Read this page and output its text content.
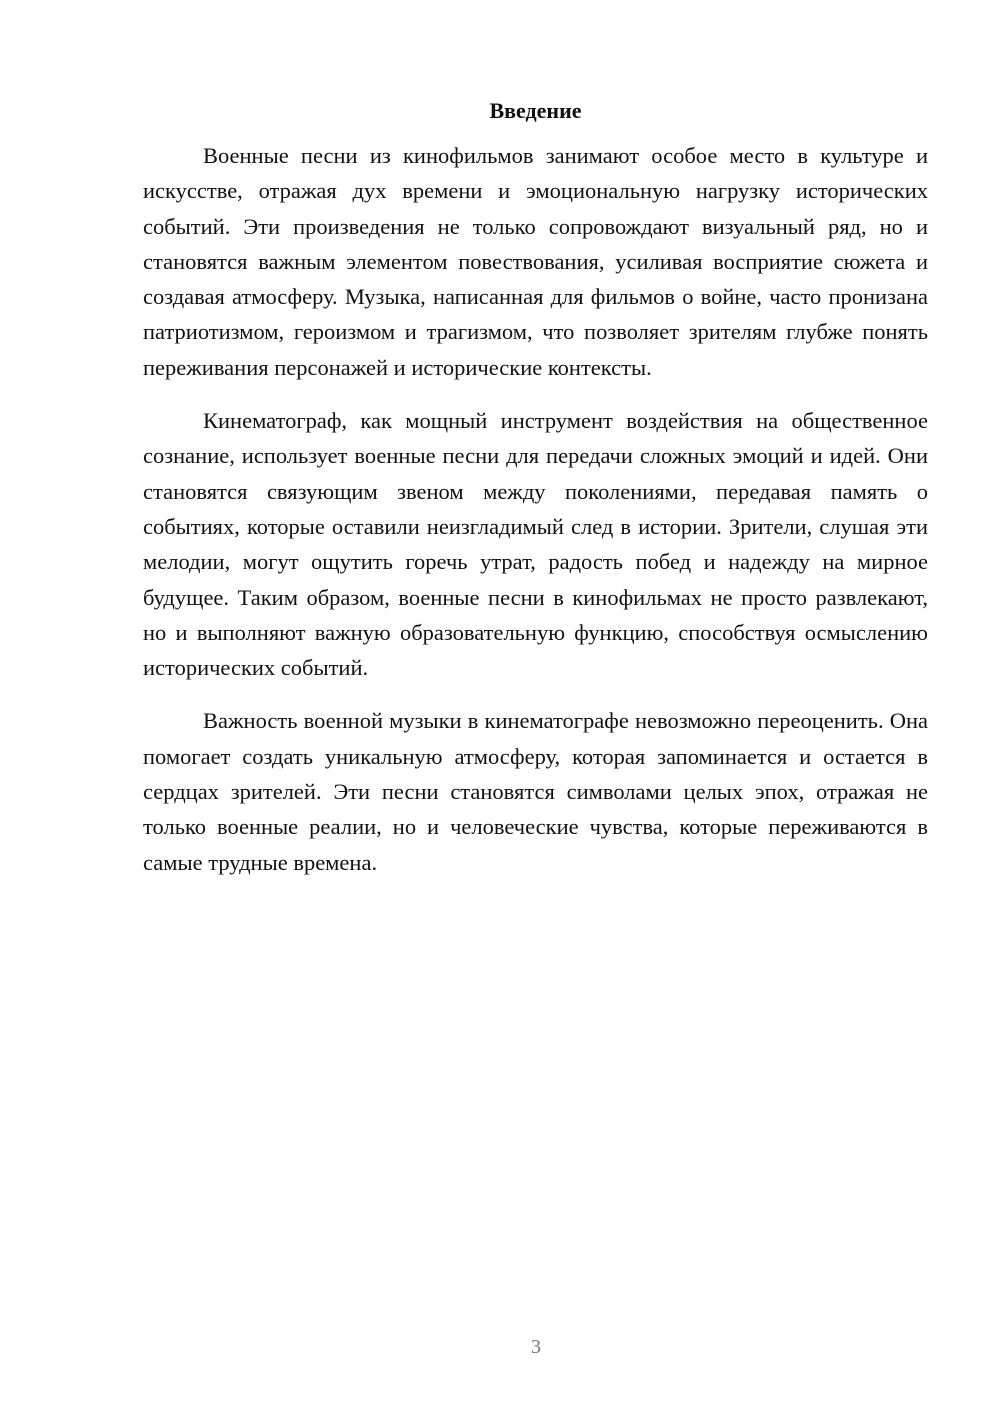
Введение

Военные песни из кинофильмов занимают особое место в культуре и искусстве, отражая дух времени и эмоциональную нагрузку исторических событий. Эти произведения не только сопровождают визуальный ряд, но и становятся важным элементом повествования, усиливая восприятие сюжета и создавая атмосферу. Музыка, написанная для фильмов о войне, часто пронизана патриотизмом, героизмом и трагизмом, что позволяет зрителям глубже понять переживания персонажей и исторические контексты.

Кинематограф, как мощный инструмент воздействия на общественное сознание, использует военные песни для передачи сложных эмоций и идей. Они становятся связующим звеном между поколениями, передавая память о событиях, которые оставили неизгладимый след в истории. Зрители, слушая эти мелодии, могут ощутить горечь утрат, радость побед и надежду на мирное будущее. Таким образом, военные песни в кинофильмах не просто развлекают, но и выполняют важную образовательную функцию, способствуя осмыслению исторических событий.

Важность военной музыки в кинематографе невозможно переоценить. Она помогает создать уникальную атмосферу, которая запоминается и остается в сердцах зрителей. Эти песни становятся символами целых эпох, отражая не только военные реалии, но и человеческие чувства, которые переживаются в самые трудные времена.

3
